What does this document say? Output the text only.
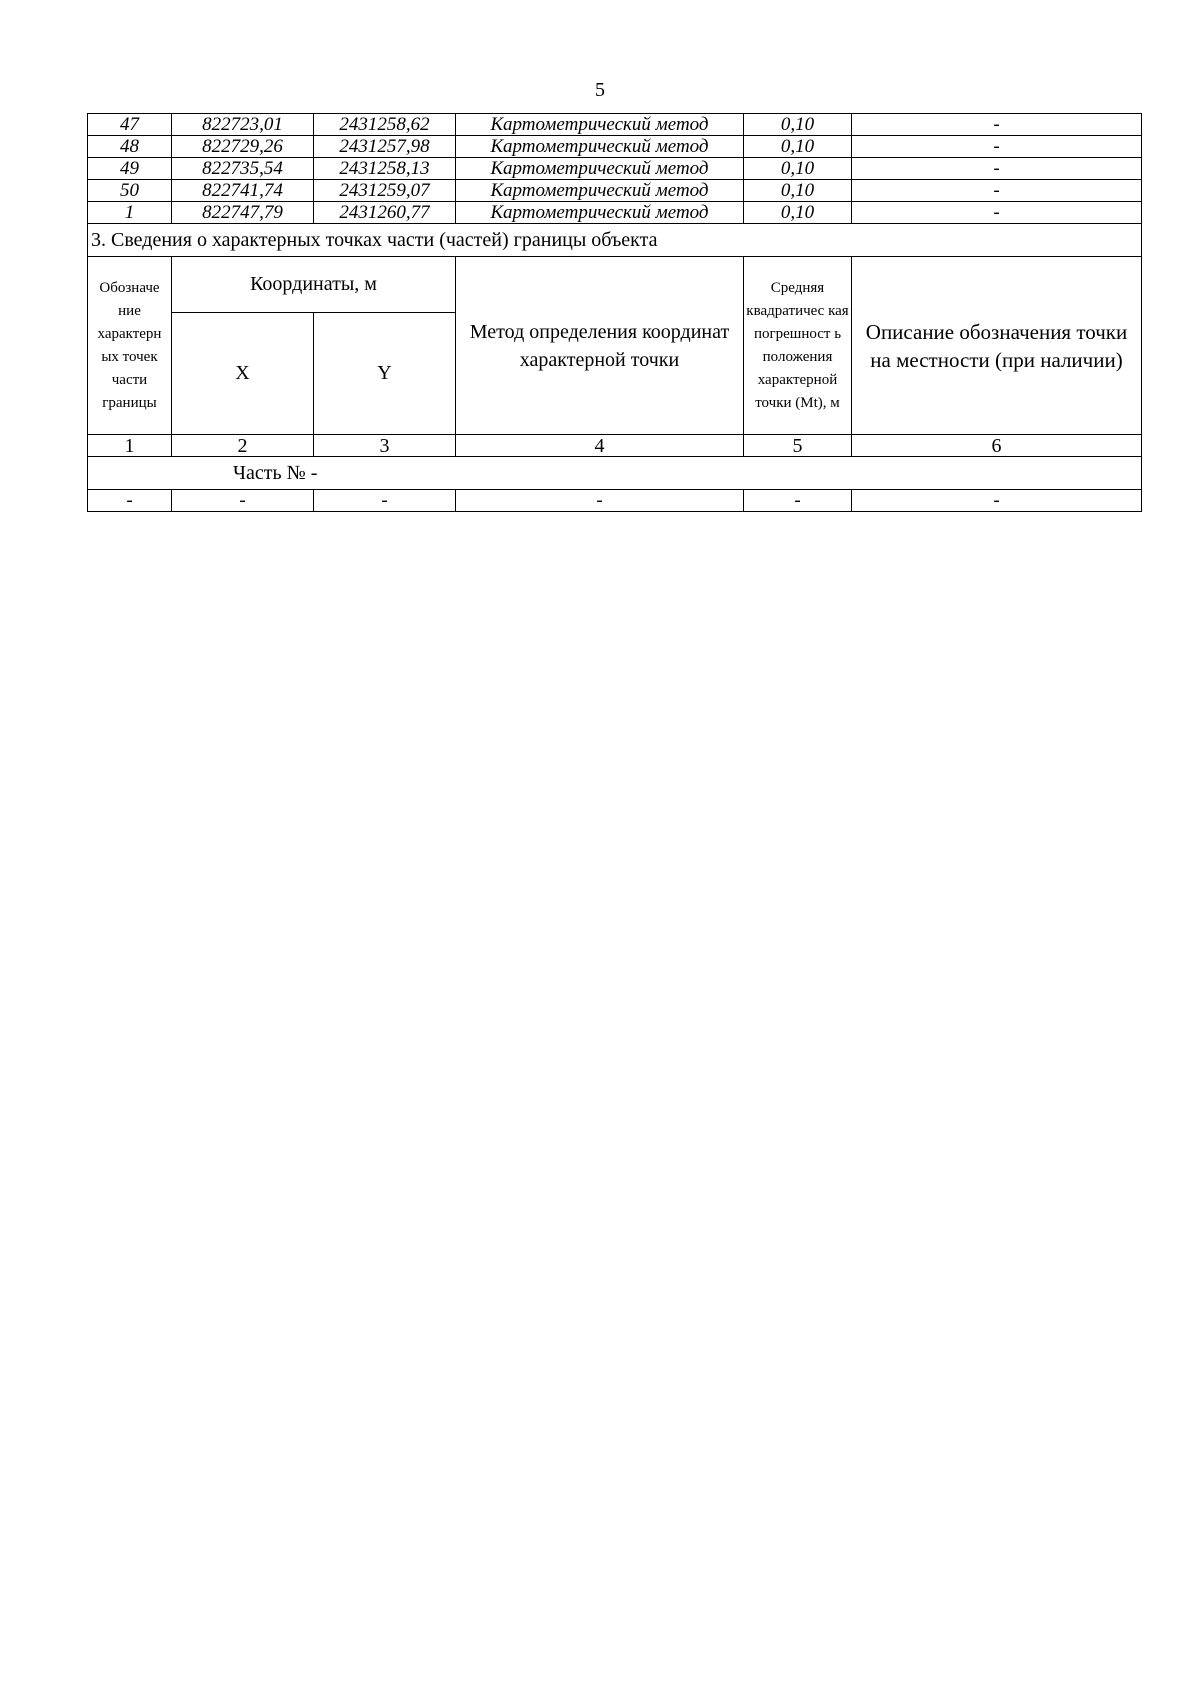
5
47	822723,01	2431258,62	Картометрический метод	0,10	-
48	822729,26	2431257,98	Картометрический метод	0,10	-
49	822735,54	2431258,13	Картометрический метод	0,10	-
50	822741,74	2431259,07	Картометрический метод	0,10	-
1	822747,79	2431260,77	Картометрический метод	0,10	-
3. Сведения о характерных точках части (частей) границы объекта					
Обозначе ние характерн ых точек части границы	Координаты, м		Метод определения координат характерной точки	Средняя квадратичес кая погрешност ь положения характерной точки (Mt), м	Описание обозначения точки на местности (при наличии)
	X	Y			
1	2	3	4	5	6
Часть № -					
-	-	-	-	-	-
